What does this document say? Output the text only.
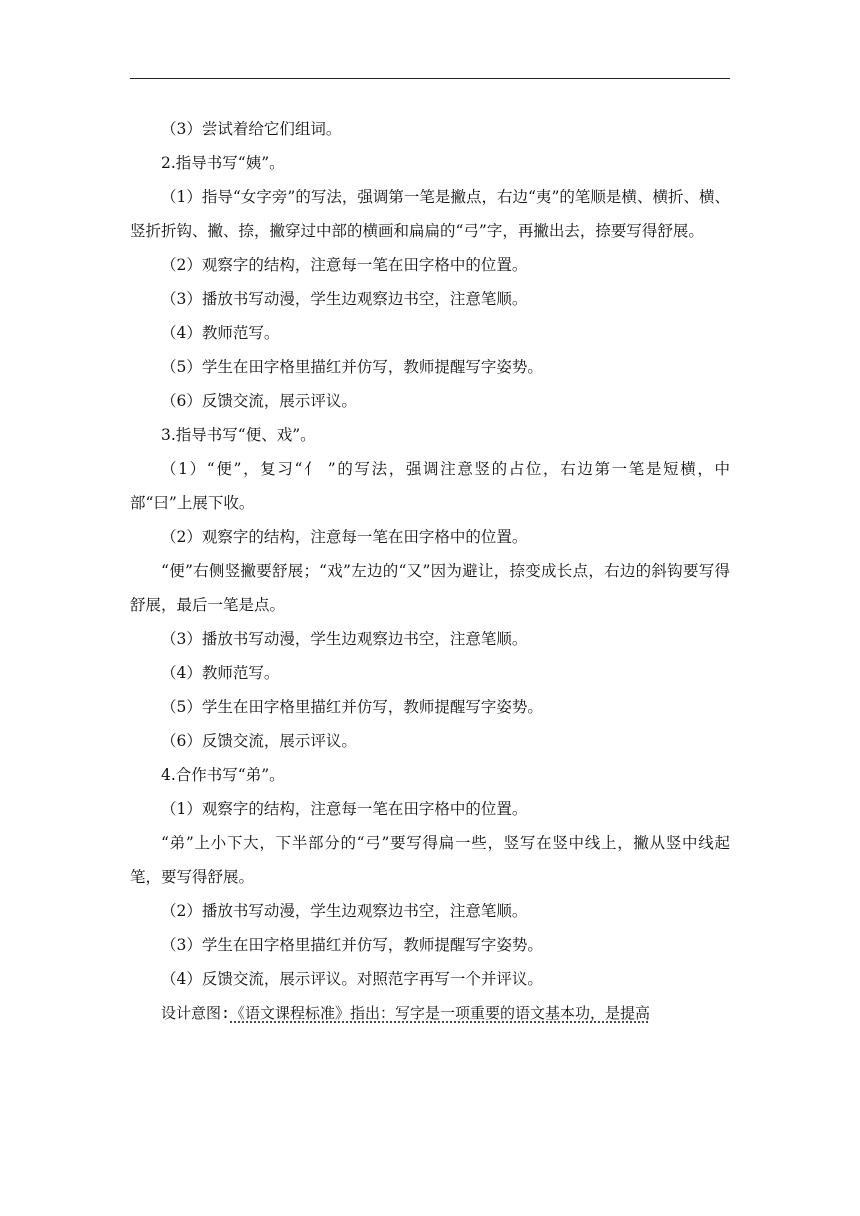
（3）尝试着给它们组词。

2.指导书写“姨”。

（1）指导“女字旁”的写法，强调第一笔是撇点，右边“夷”的笔顺是横、横折、横、竖折折钩、撇、捺，撇穿过中部的横画和扁扁的“弓”字，再撇出去，捺要写得舒展。

（2）观察字的结构，注意每一笔在田字格中的位置。

（3）播放书写动漫，学生边观察边书空，注意笔顺。

（4）教师范写。

（5）学生在田字格里描红并仿写，教师提醒写字姿势。

（6）反馈交流，展示评议。

3.指导书写“便、戏”。

（1）“便”，复习“亻 ”的写法，强调注意竖的占位，右边第一笔是短横，中部“曰”上展下收。

（2）观察字的结构，注意每一笔在田字格中的位置。

“便”右侧竖撇要舒展；“戏”左边的“又”因为避让，捺变成长点，右边的斜钩要写得舒展，最后一笔是点。

（3）播放书写动漫，学生边观察边书空，注意笔顺。

（4）教师范写。

（5）学生在田字格里描红并仿写，教师提醒写字姿势。

（6）反馈交流，展示评议。

4.合作书写“弟”。

（1）观察字的结构，注意每一笔在田字格中的位置。

“弟”上小下大，下半部分的“弓”要写得扁一些，竖写在竖中线上，撇从竖中线起笔，要写得舒展。

（2）播放书写动漫，学生边观察边书空，注意笔顺。

（3）学生在田字格里描红并仿写，教师提醒写字姿势。

（4）反馈交流，展示评议。对照范字再写一个并评议。

设计意图:《语文课程标准》指出：写字是一项重要的语文基本功，是提高
